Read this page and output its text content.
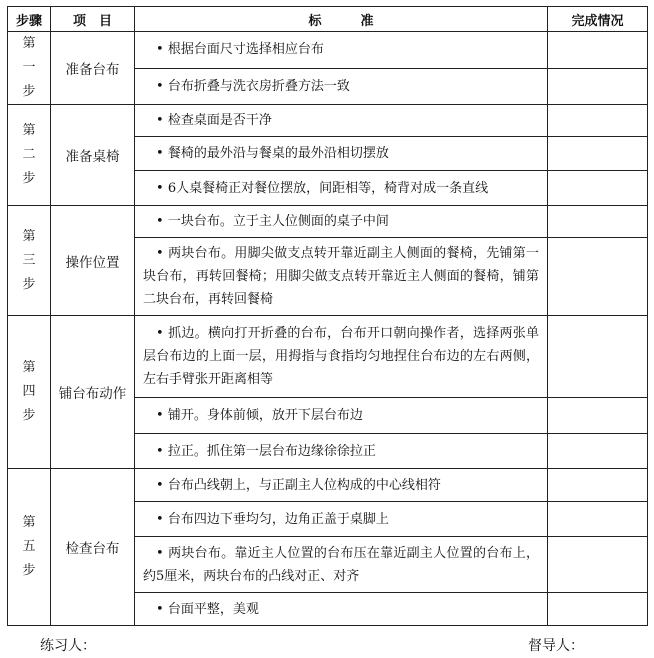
步骤	项　目	标　　　准	完成情况

第
一
步	准备台布	• 根据台面尺寸选择相应台布

		• 台布折叠与洗衣房折叠方法一致

第
二
步	准备桌椅	• 检查桌面是否干净

		• 餐椅的最外沿与餐桌的最外沿相切摆放

		• 6人桌餐椅正对餐位摆放，间距相等，椅背对成一条直线

第
三
步	操作位置	• 一块台布。立于主人位侧面的桌子中间

		• 两块台布。用脚尖做支点转开靠近副主人侧面的餐椅，先铺第一块台布，再转回餐椅；用脚尖做支点转开靠近主人侧面的餐椅，铺第二块台布，再转回餐椅

第
四
步	铺台布动作	• 抓边。横向打开折叠的台布，台布开口朝向操作者，选择两张单层台布边的上面一层，用拇指与食指均匀地捏住台布边的左右两侧，左右手臂张开距离相等

		• 铺开。身体前倾，放开下层台布边

		• 拉正。抓住第一层台布边缘徐徐拉正

第
五
步	检查台布	• 台布凸线朝上，与正副主人位构成的中心线相符

		• 台布四边下垂均匀，边角正盖于桌脚上

		• 两块台布。靠近主人位置的台布压在靠近副主人位置的台布上，约5厘米，两块台布的凸线对正、对齐

		• 台面平整，美观

练习人：	督导人：
